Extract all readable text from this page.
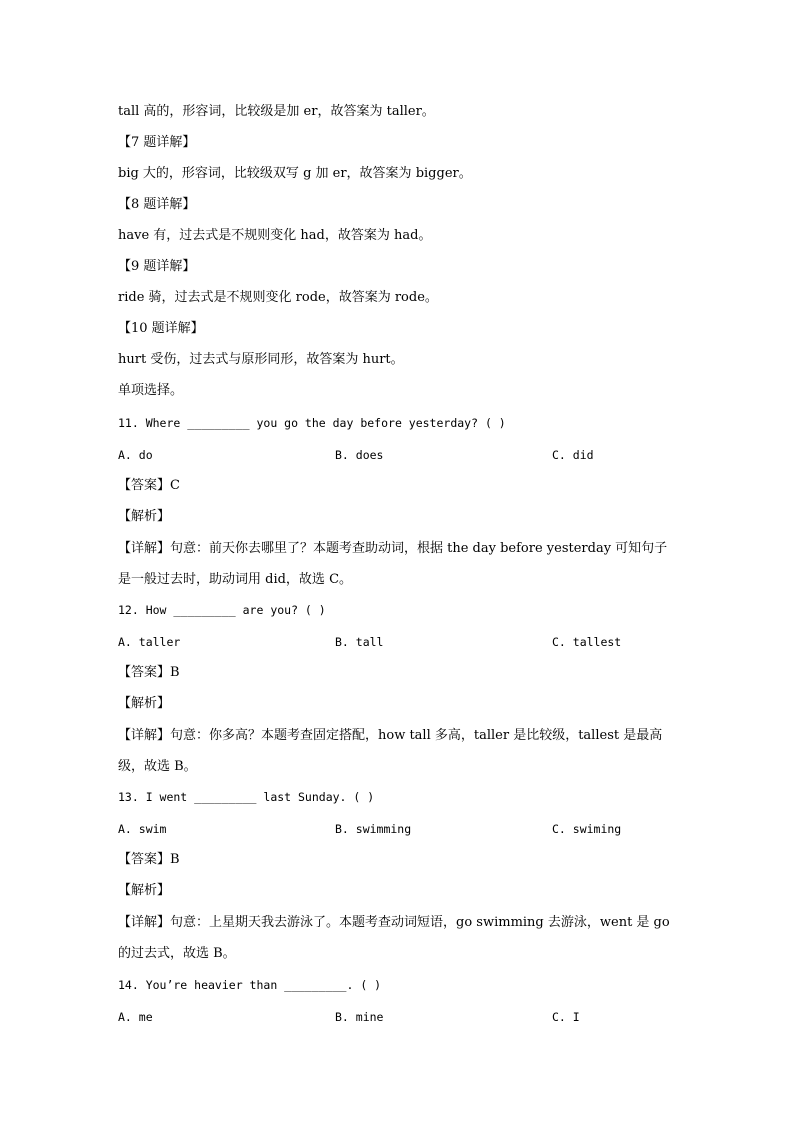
tall 高的，形容词，比较级是加 er，故答案为 taller。
【7 题详解】
big 大的，形容词，比较级双写 g 加 er，故答案为 bigger。
【8 题详解】
have 有，过去式是不规则变化 had，故答案为 had。
【9 题详解】
ride 骑，过去式是不规则变化 rode，故答案为 rode。
【10 题详解】
hurt 受伤，过去式与原形同形，故答案为 hurt。
单项选择。
11. Where _________ you go the day before yesterday? ( )
A. do	B. does	C. did
【答案】C
【解析】
【详解】句意：前天你去哪里了？本题考查助动词，根据 the day before yesterday 可知句子是一般过去时，助动词用 did，故选 C。
12. How _________ are you? ( )
A. taller	B. tall	C. tallest
【答案】B
【解析】
【详解】句意：你多高？本题考查固定搭配，how tall 多高，taller 是比较级，tallest 是最高级，故选 B。
13. I went _________ last Sunday. ( )
A. swim	B. swimming	C. swiming
【答案】B
【解析】
【详解】句意：上星期天我去游泳了。本题考查动词短语，go swimming 去游泳，went 是 go 的过去式，故选 B。
14. You’re heavier than _________. ( )
A. me	B. mine	C. I
